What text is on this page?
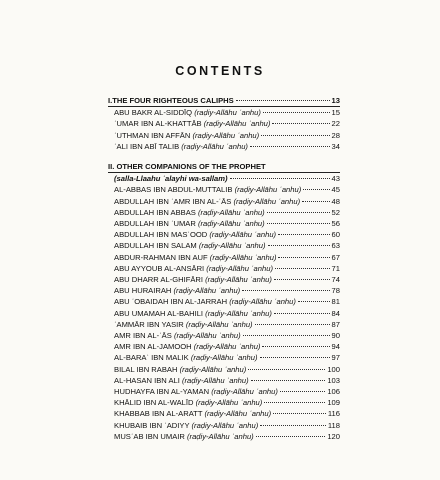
CONTENTS
I.THE FOUR RIGHTEOUS CALIPHS	13
ABU BAKR AL-SIDDĪQ (raḍiy-Allāhu ʿanhu)	15
ʿUMAR IBN AL-KHATTĀB (raḍiy-Allāhu ʿanhu)	22
ʿUTHMAN IBN AFFĀN (raḍiy-Allāhu ʿanhu)	28
ʿALI IBN ABĪ TALIB (raḍiy-Allāhu ʿanhu)	34
II. OTHER COMPANIONS OF THE PROPHET
(salla-Llaahu ʿalayhi wa-sallam)	43
AL-ABBAS IBN ABDUL-MUTTALIB (raḍiy-Allāhu ʿanhu)	45
ABDULLAH IBN ʿAMR IBN AL-ʿĀS (raḍiy-Allāhu ʿanhu)	48
ABDULLAH IBN ABBAS (raḍiy-Allāhu ʿanhu)	52
ABDULLAH IBN ʿUMAR (raḍiy-Allāhu ʿanhu)	56
ABDULLAH IBN MASʿOOD (raḍiy-Allāhu ʿanhu)	60
ABDULLAH IBN SALAM (raḍiy-Allāhu ʿanhu)	63
ABDUR-RAHMAN IBN AUF (raḍiy-Allāhu ʿanhu)	67
ABU AYYOUB AL-ANSĀRI (raḍiy-Allāhu ʿanhu)	71
ABU DHARR AL-GHIFĀRI (raḍiy-Allāhu ʿanhu)	74
ABU HURAIRAH (raḍiy-Allāhu ʿanhu)	78
ABU ʿOBAIDAH IBN AL-JARRAH (raḍiy-Allāhu ʿanhu)	81
ABU UMAMAH AL-BAHILI (raḍiy-Allāhu ʿanhu)	84
ʿAMMĀR IBN YASIR (raḍiy-Allāhu ʿanhu)	87
AMR IBN AL-ʿĀS (raḍiy-Allāhu ʿanhu)	90
AMR IBN AL-JAMOOH (raḍiy-Allāhu ʿanhu)	94
AL-BARAʾ IBN MALIK (raḍiy-Allāhu ʿanhu)	97
BILAL IBN RABAH (raḍiy-Allāhu ʿanhu)	100
AL-HASAN IBN ALI (raḍiy-Allāhu ʿanhu)	103
HUDHAYFA IBN AL-YAMAN (raḍiy-Allāhu ʿanhu)	106
KHĀLID IBN AL-WALĪD (raḍiy-Allāhu ʿanhu)	109
KHABBAB IBN AL-ARATT (raḍiy-Allāhu ʿanhu)	116
KHUBAIB IBN ʿADIYY (raḍiy-Allāhu ʿanhu)	118
MUSʿAB IBN UMAIR (raḍiy-Allāhu ʿanhu)	120
